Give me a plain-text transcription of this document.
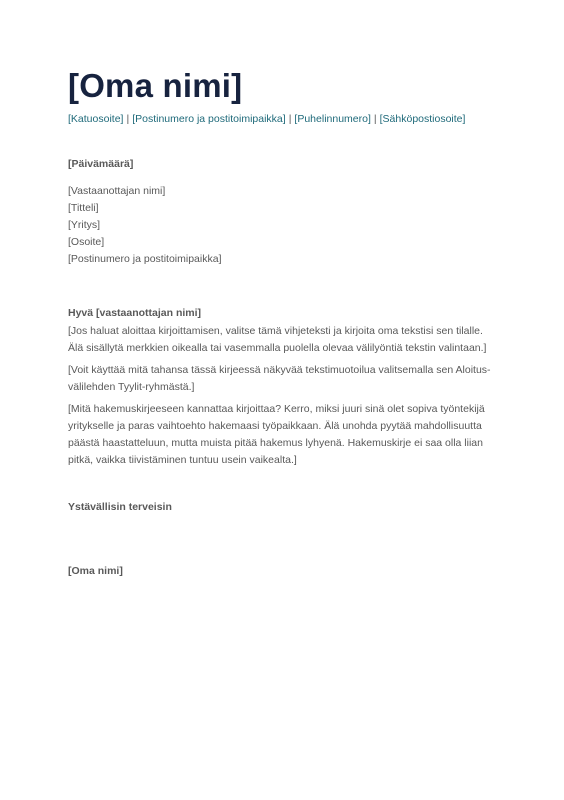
[Oma nimi]
[Katuosoite] | [Postinumero ja postitoimipaikka] | [Puhelinnumero] | [Sähköpostiosoite]
[Päivämäärä]
[Vastaanottajan nimi]
[Titteli]
[Yritys]
[Osoite]
[Postinumero ja postitoimipaikka]
Hyvä [vastaanottajan nimi]

[Jos haluat aloittaa kirjoittamisen, valitse tämä vihjeteksti ja kirjoita oma tekstisi sen tilalle. Älä sisällytä merkkien oikealla tai vasemmalla puolella olevaa välilyöntiä tekstin valintaan.]

[Voit käyttää mitä tahansa tässä kirjeessä näkyvää tekstimuotoilua valitsemalla sen Aloitus-välilehden Tyylit-ryhmästä.]

[Mitä hakemuskirjeeseen kannattaa kirjoittaa? Kerro, miksi juuri sinä olet sopiva työntekijä yritykselle ja paras vaihtoehto hakemaasi työpaikkaan. Älä unohda pyytää mahdollisuutta päästä haastatteluun, mutta muista pitää hakemus lyhyenä. Hakemuskirje ei saa olla liian pitkä, vaikka tiivistäminen tuntuu usein vaikealta.]

Ystävällisin terveisin
[Oma nimi]
